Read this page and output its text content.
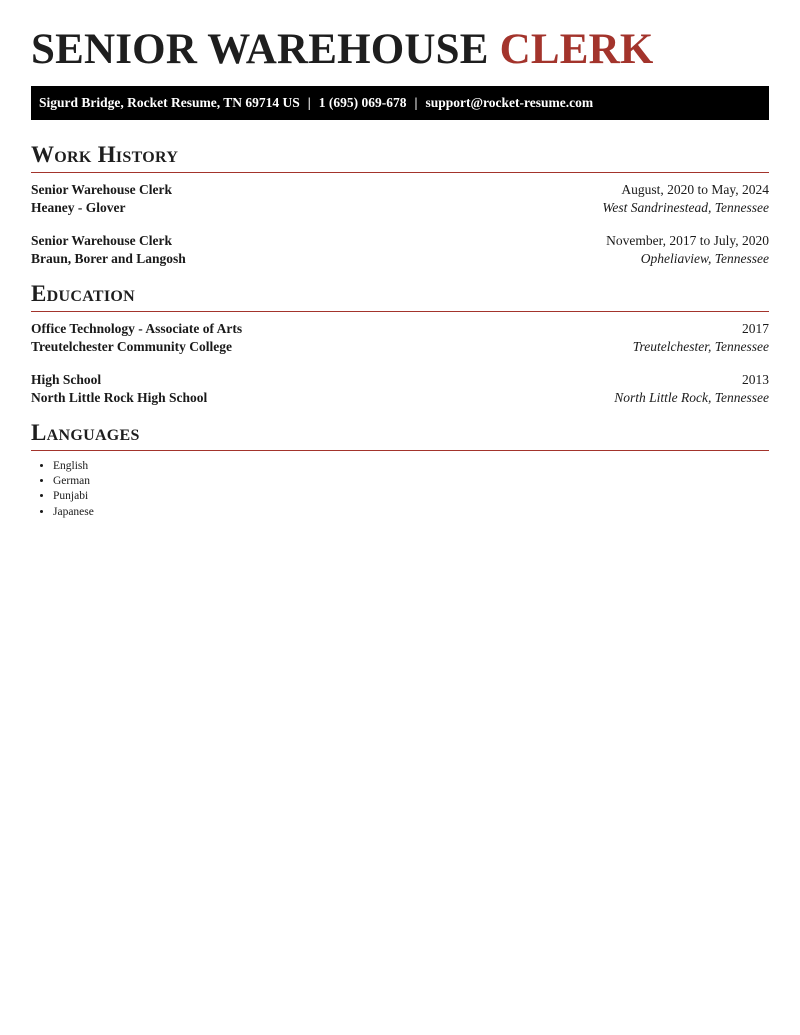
SENIOR WAREHOUSE CLERK
Sigurd Bridge, Rocket Resume, TN 69714 US | 1 (695) 069-678 | support@rocket-resume.com
Work History
Senior Warehouse Clerk	August, 2020 to May, 2024
Heaney - Glover	West Sandrinestead, Tennessee
Senior Warehouse Clerk	November, 2017 to July, 2020
Braun, Borer and Langosh	Opheliaview, Tennessee
Education
Office Technology - Associate of Arts	2017
Treutelchester Community College	Treutelchester, Tennessee
High School	2013
North Little Rock High School	North Little Rock, Tennessee
Languages
• English
• German
• Punjabi
• Japanese
